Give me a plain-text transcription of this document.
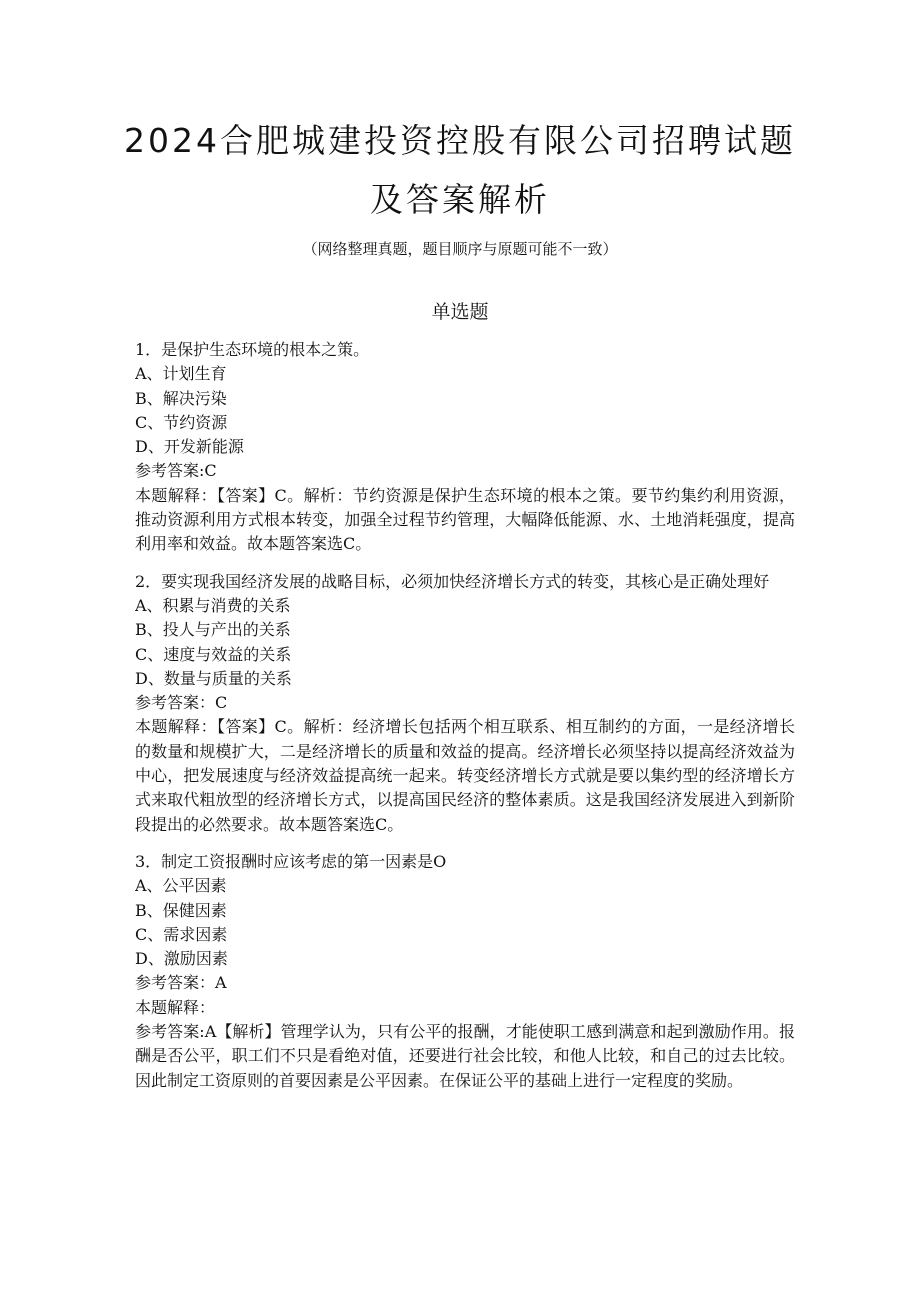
2024合肥城建投资控股有限公司招聘试题
及答案解析
（网络整理真题，题目顺序与原题可能不一致）
单选题
1．是保护生态环境的根本之策。
A、计划生育
B、解决污染
C、节约资源
D、开发新能源
参考答案:C
本题解释：【答案】C。解析：节约资源是保护生态环境的根本之策。要节约集约利用资源，推动资源利用方式根本转变，加强全过程节约管理，大幅降低能源、水、土地消耗强度，提高利用率和效益。故本题答案选C。
2．要实现我国经济发展的战略目标，必须加快经济增长方式的转变，其核心是正确处理好
A、积累与消费的关系
B、投人与产出的关系
C、速度与效益的关系
D、数量与质量的关系
参考答案：C
本题解释：【答案】C。解析：经济增长包括两个相互联系、相互制约的方面，一是经济增长的数量和规模扩大，二是经济增长的质量和效益的提高。经济增长必须坚持以提高经济效益为中心，把发展速度与经济效益提高统一起来。转变经济增长方式就是要以集约型的经济增长方式来取代粗放型的经济增长方式，以提高国民经济的整体素质。这是我国经济发展进入到新阶段提出的必然要求。故本题答案选C。
3．制定工资报酬时应该考虑的第一因素是O
A、公平因素
B、保健因素
C、需求因素
D、激励因素
参考答案：A
本题解释：
参考答案:A【解析】管理学认为，只有公平的报酬，才能使职工感到满意和起到激励作用。报酬是否公平，职工们不只是看绝对值，还要进行社会比较，和他人比较，和自己的过去比较。因此制定工资原则的首要因素是公平因素。在保证公平的基础上进行一定程度的奖励。
